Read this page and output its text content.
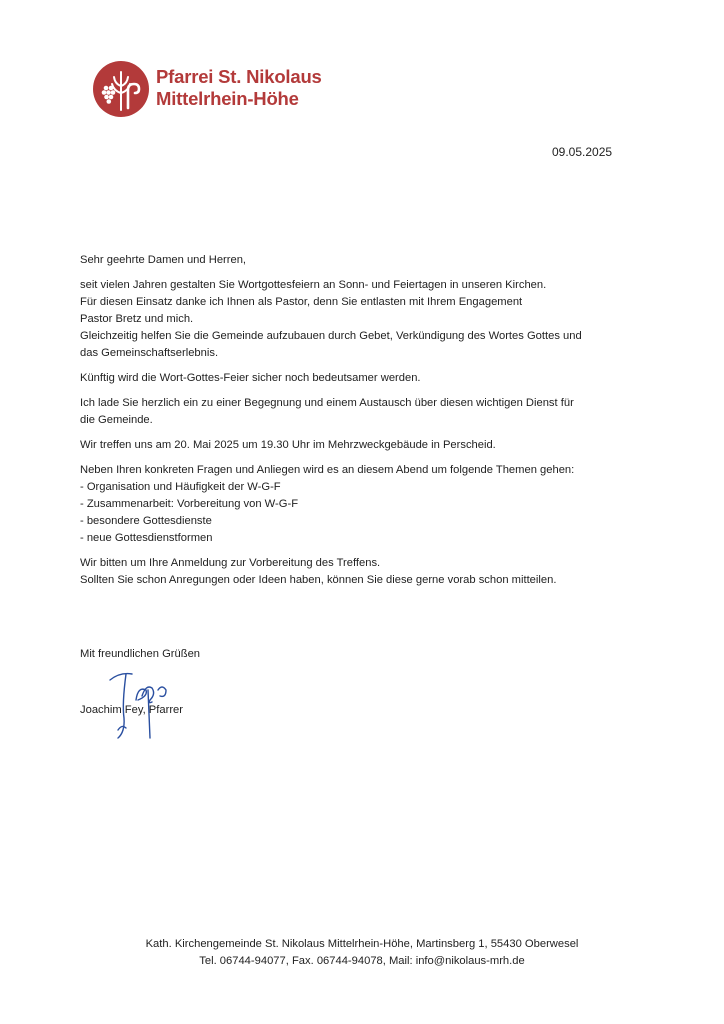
Pfarrei St. Nikolaus
Mittelrhein-Höhe
09.05.2025

Sehr geehrte Damen und Herren,

seit vielen Jahren gestalten Sie Wortgottesfeiern an Sonn- und Feiertagen in unseren Kirchen.
Für diesen Einsatz danke ich Ihnen als Pastor, denn Sie entlasten mit Ihrem Engagement
Pastor Bretz und mich.
Gleichzeitig helfen Sie die Gemeinde aufzubauen durch Gebet, Verkündigung des Wortes Gottes und
das Gemeinschaftserlebnis.

Künftig wird die Wort-Gottes-Feier sicher noch bedeutsamer werden.

Ich lade Sie herzlich ein zu einer Begegnung und einem Austausch über diesen wichtigen Dienst für
die Gemeinde.

Wir treffen uns am 20. Mai 2025 um 19.30 Uhr im Mehrzweckgebäude in Perscheid.

Neben Ihren konkreten Fragen und Anliegen wird es an diesem Abend um folgende Themen gehen:
- Organisation und Häufigkeit der W-G-F
- Zusammenarbeit: Vorbereitung von W-G-F
- besondere Gottesdienste
- neue Gottesdienstformen

Wir bitten um Ihre Anmeldung zur Vorbereitung des Treffens.
Sollten Sie schon Anregungen oder Ideen haben, können Sie diese gerne vorab schon mitteilen.

Mit freundlichen Grüßen
Joachim Fey, Pfarrer
Kath. Kirchengemeinde St. Nikolaus Mittelrhein-Höhe, Martinsberg 1, 55430 Oberwesel
Tel. 06744-94077, Fax. 06744-94078, Mail: info@nikolaus-mrh.de
